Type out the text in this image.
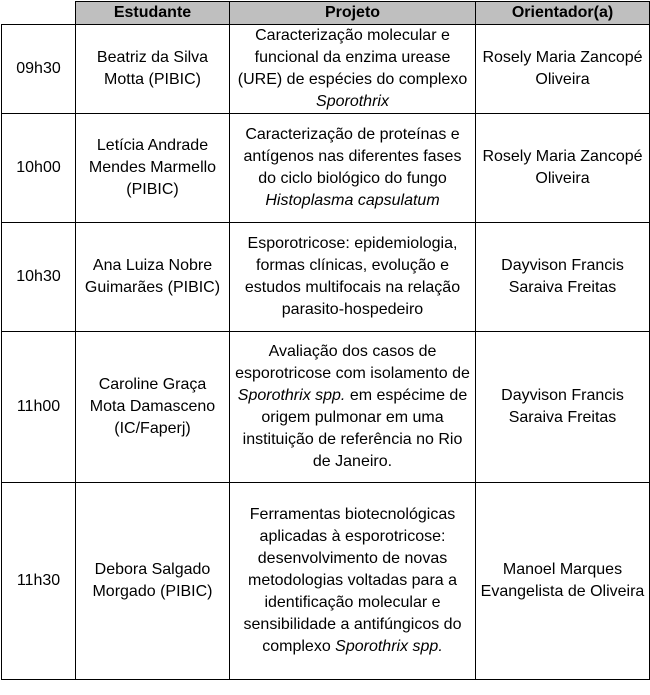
	Estudante	Projeto	Orientador(a)
09h30	Beatriz da Silva Motta (PIBIC)	Caracterização molecular e funcional da enzima urease (URE) de espécies do complexo Sporothrix	Rosely Maria Zancopé Oliveira
10h00	Letícia Andrade Mendes Marmello (PIBIC)	Caracterização de proteínas e antígenos nas diferentes fases do ciclo biológico do fungo Histoplasma capsulatum	Rosely Maria Zancopé Oliveira
10h30	Ana Luiza Nobre Guimarães (PIBIC)	Esporotricose: epidemiologia, formas clínicas, evolução e estudos multifocais na relação parasito-hospedeiro	Dayvison Francis Saraiva Freitas
11h00	Caroline Graça Mota Damasceno (IC/Faperj)	Avaliação dos casos de esporotricose com isolamento de Sporothrix spp. em espécime de origem pulmonar em uma instituição de referência no Rio de Janeiro.	Dayvison Francis Saraiva Freitas
11h30	Debora Salgado Morgado (PIBIC)	Ferramentas biotecnológicas aplicadas à esporotricose: desenvolvimento de novas metodologias voltadas para a identificação molecular e sensibilidade a antifúngicos do complexo Sporothrix spp.	Manoel Marques Evangelista de Oliveira
